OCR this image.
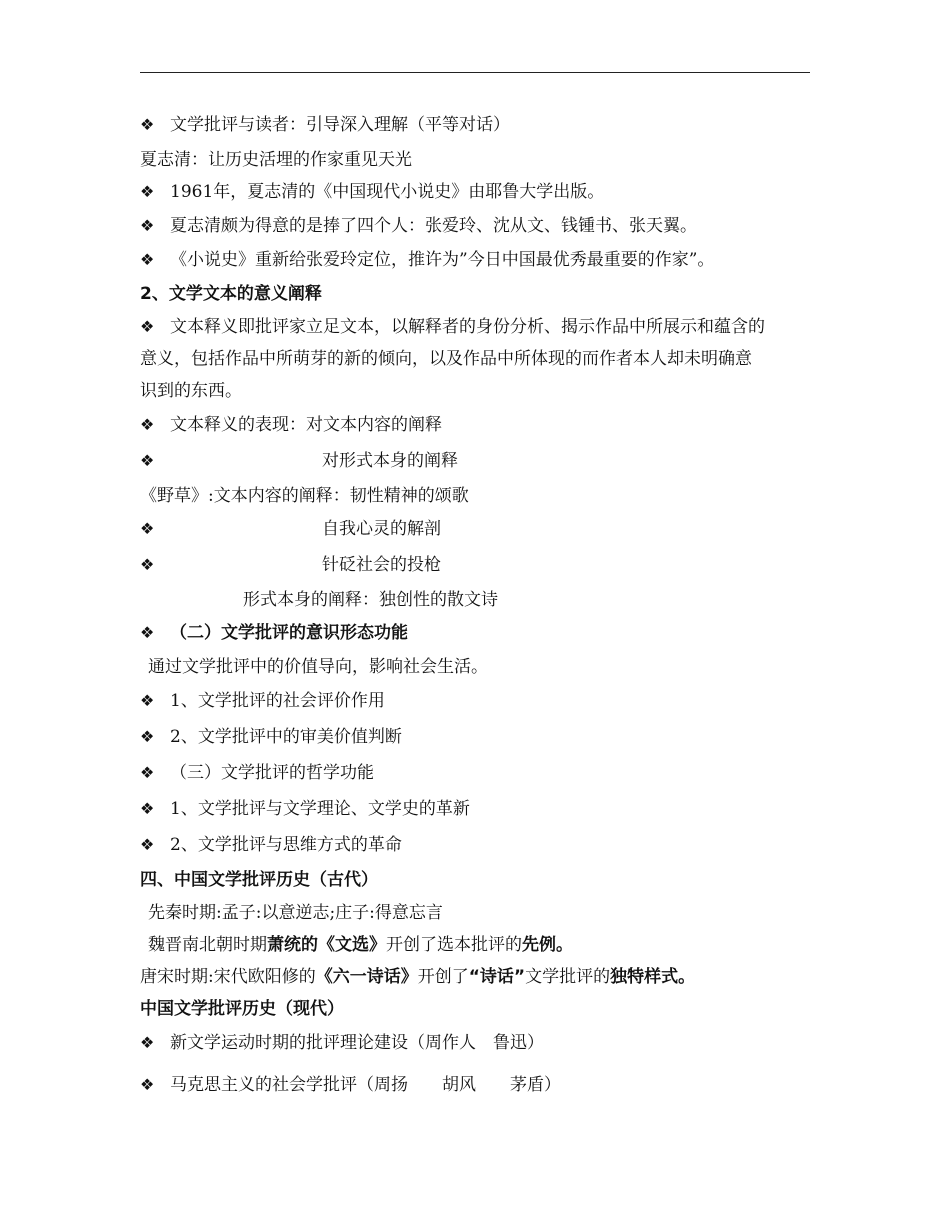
❖ 文学批评与读者：引导深入理解（平等对话）
夏志清：让历史活埋的作家重见天光
❖ 1961年，夏志清的《中国现代小说史》由耶鲁大学出版。
❖ 夏志清颇为得意的是捧了四个人：张爱玲、沈从文、钱锺书、张天翼。
❖ 《小说史》重新给张爱玲定位，推许为”今日中国最优秀最重要的作家”。
2、文学文本的意义阐释
❖ 文本释义即批评家立足文本，以解释者的身份分析、揭示作品中所展示和蕴含的
意义，包括作品中所萌芽的新的倾向，以及作品中所体现的而作者本人却未明确意
识到的东西。
❖ 文本释义的表现：对文本内容的阐释
❖	对形式本身的阐释
《野草》:文本内容的阐释：韧性精神的颂歌
❖	自我心灵的解剖
❖	针砭社会的投枪
形式本身的阐释：独创性的散文诗
❖ （二）文学批评的意识形态功能
通过文学批评中的价值导向，影响社会生活。
❖ 1、文学批评的社会评价作用
❖ 2、文学批评中的审美价值判断
❖ （三）文学批评的哲学功能
❖ 1、文学批评与文学理论、文学史的革新
❖ 2、文学批评与思维方式的革命
四、中国文学批评历史（古代）
先秦时期:孟子:以意逆志;庄子:得意忘言
魏晋南北朝时期萧统的《文选》开创了选本批评的先例。
唐宋时期:宋代欧阳修的《六一诗话》开创了“诗话”文学批评的独特样式。
中国文学批评历史（现代）
❖ 新文学运动时期的批评理论建设（周作人　鲁迅）
❖ 马克思主义的社会学批评（周扬　　胡风　　茅盾）
